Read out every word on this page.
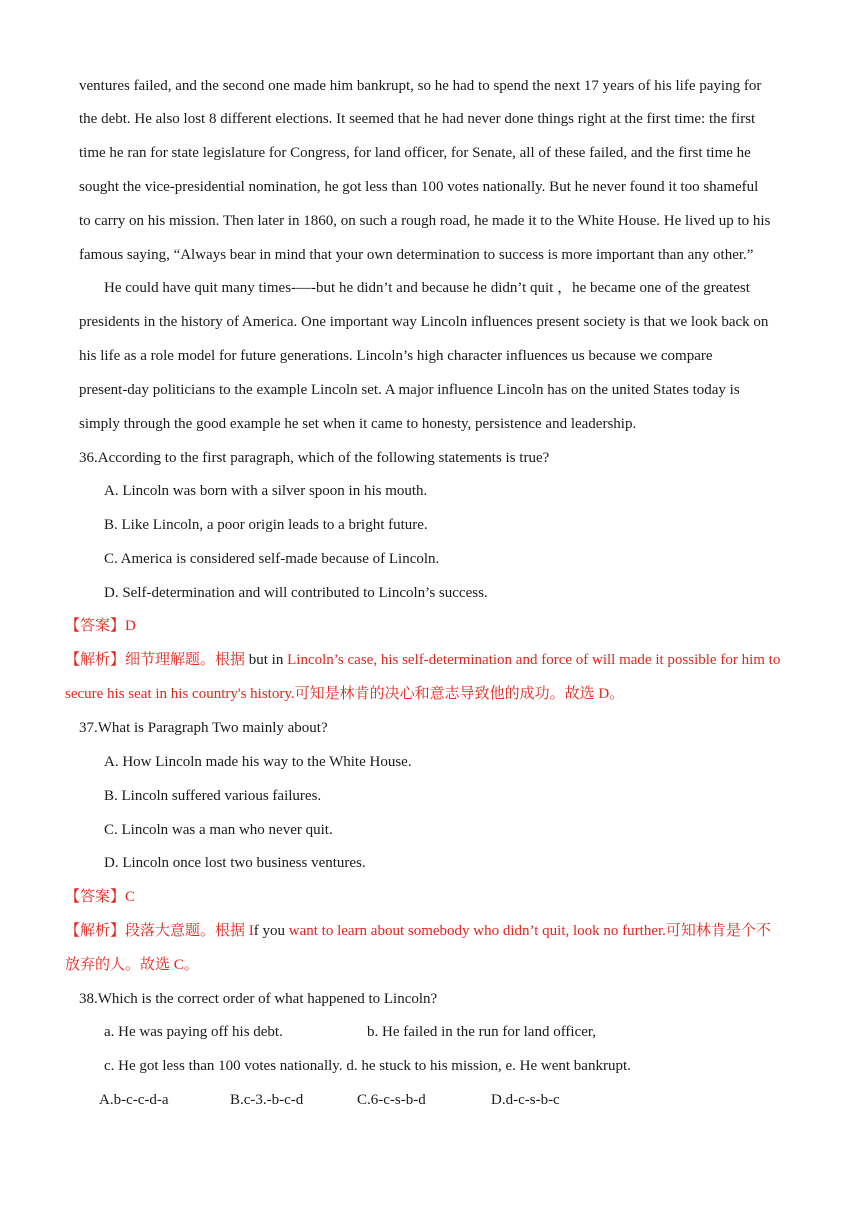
ventures failed, and the second one made him bankrupt, so he had to spend the next 17 years of his life paying for
the debt. He also lost 8 different elections. It seemed that he had never done things right at the first time: the first
time he ran for state legislature for Congress, for land officer, for Senate, all of these failed, and the first time he
sought the vice-presidential nomination, he got less than 100 votes nationally. But he never found it too shameful
to carry on his mission. Then later in 1860, on such a rough road, he made it to the White House. He lived up to his
famous saying, “Always bear in mind that your own determination to success is more important than any other.”
He could have quit many times-—-but he didn’t and because he didn’t quit ，he became one of the greatest
presidents in the history of America. One important way Lincoln influences present society is that we look back on
his life as a role model for future generations. Lincoln’s high character influences us because we compare
present-day politicians to the example Lincoln set. A major influence Lincoln has on the united States today is
simply through the good example he set when it came to honesty, persistence and leadership.
36.According to the first paragraph, which of the following statements is true?
A. Lincoln was born with a silver spoon in his mouth.
B. Like Lincoln, a poor origin leads to a bright future.
C. America is considered self-made because of Lincoln.
D. Self-determination and will contributed to Lincoln’s success.
【答案】D
【解析】细节理解题。根据 but in Lincoln’s case, his self-determination and force of will made it possible for him to
secure his seat in his country's history.可知是林肯的决心和意志导致他的成功。故选 D。
37.What is Paragraph Two mainly about?
A. How Lincoln made his way to the White House.
B. Lincoln suffered various failures.
C. Lincoln was a man who never quit.
D. Lincoln once lost two business ventures.
【答案】C
【解析】段落大意题。根据 If you want to learn about somebody who didn’t quit, look no further.可知林肯是个不
放弃的人。故选 C。
38.Which is the correct order of what happened to Lincoln?
a. He was paying off his debt.	b. He failed in the run for land officer,
c. He got less than 100 votes nationally. d. he stuck to his mission, e. He went bankrupt.
A.b-c-c-d-a	B.c-3.-b-c-d	C.6-c-s-b-d	D.d-c-s-b-c
